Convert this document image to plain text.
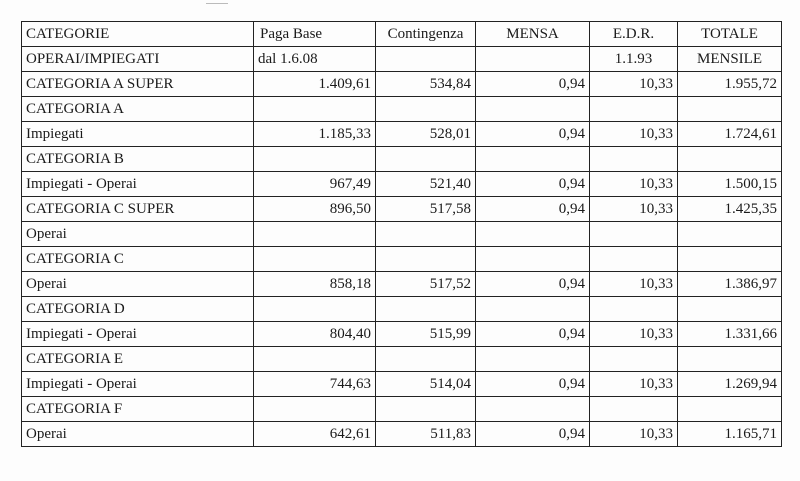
CATEGORIE	Paga Base	Contingenza	MENSA	E.D.R.	TOTALE
OPERAI/IMPIEGATI	dal 1.6.08			1.1.93	MENSILE
CATEGORIA A SUPER	1.409,61	534,84	0,94	10,33	1.955,72
CATEGORIA A					
Impiegati	1.185,33	528,01	0,94	10,33	1.724,61
CATEGORIA B					
Impiegati - Operai	967,49	521,40	0,94	10,33	1.500,15
CATEGORIA C SUPER	896,50	517,58	0,94	10,33	1.425,35
Operai					
CATEGORIA C					
Operai	858,18	517,52	0,94	10,33	1.386,97
CATEGORIA D					
Impiegati - Operai	804,40	515,99	0,94	10,33	1.331,66
CATEGORIA E					
Impiegati - Operai	744,63	514,04	0,94	10,33	1.269,94
CATEGORIA F					
Operai	642,61	511,83	0,94	10,33	1.165,71
